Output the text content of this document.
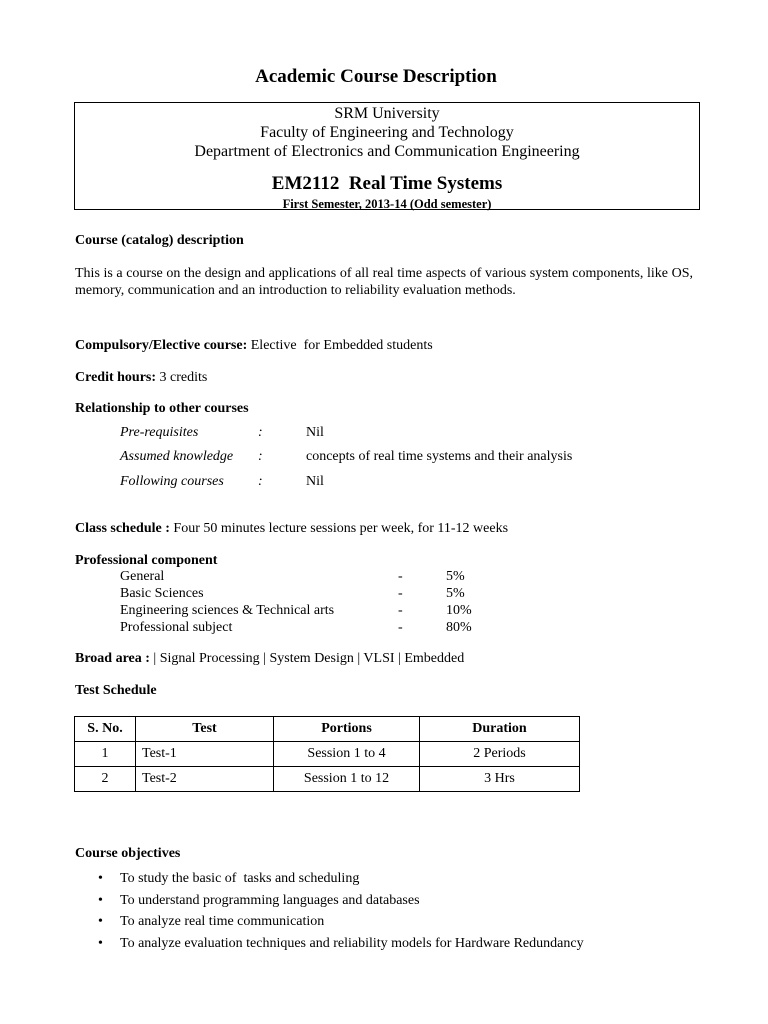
Academic Course Description
SRM University
Faculty of Engineering and Technology
Department of Electronics and Communication Engineering
EM2112  Real Time Systems
First Semester, 2013-14 (Odd semester)
Course (catalog) description
This is a course on the design and applications of all real time aspects of various system components, like OS, memory, communication and an introduction to reliability evaluation methods.
Compulsory/Elective course: Elective  for Embedded students
Credit hours: 3 credits
Relationship to other courses
Pre-requisites	:	Nil
Assumed knowledge :	concepts of real time systems and their analysis
Following courses :	Nil
Class schedule : Four 50 minutes lecture sessions per week, for 11-12 weeks
Professional component
General	-	5%
Basic Sciences	-	5%
Engineering sciences & Technical arts	-	10%
Professional subject	-	80%
Broad area : | Signal Processing | System Design | VLSI | Embedded
Test Schedule
S. No.	Test	Portions	Duration
1	Test-1	Session 1 to 4	2 Periods
2	Test-2	Session 1 to 12	3 Hrs
Course objectives
• To study the basic of  tasks and scheduling
• To understand programming languages and databases
• To analyze real time communication
• To analyze evaluation techniques and reliability models for Hardware Redundancy
